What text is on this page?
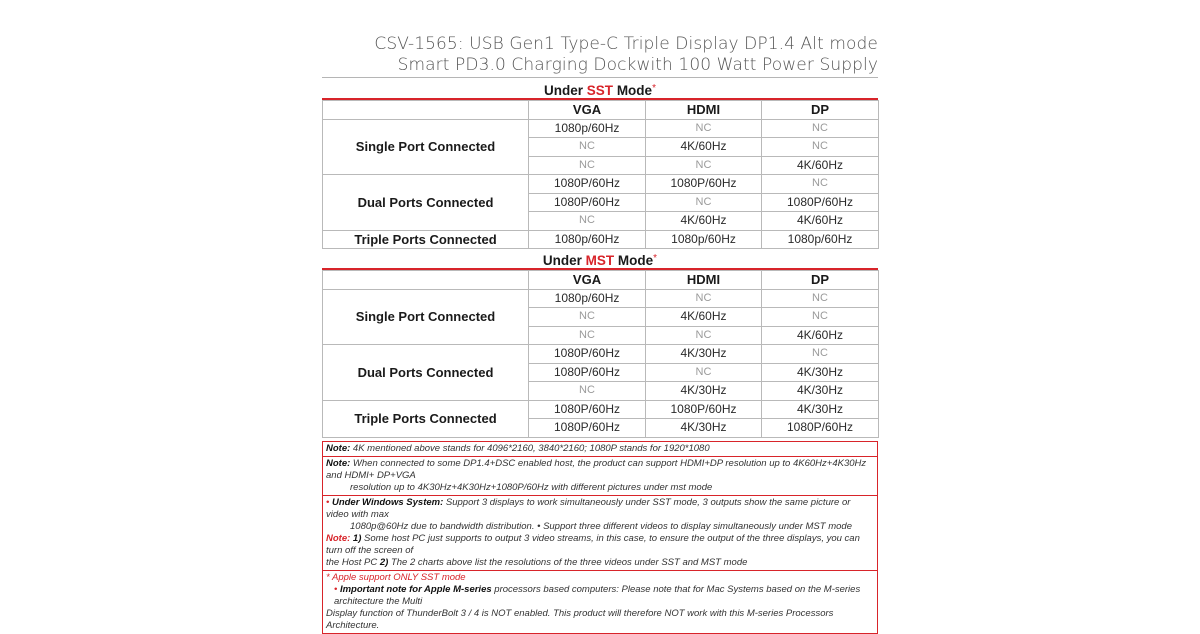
CSV-1565: USB Gen1 Type-C Triple Display DP1.4 Alt mode
Smart PD3.0 Charging Dockwith 100 Watt Power Supply
Under SST Mode*
	VGA	HDMI	DP
Single Port Connected	1080p/60Hz	NC	NC
	NC	4K/60Hz	NC
	NC	NC	4K/60Hz
Dual Ports Connected	1080P/60Hz	1080P/60Hz	NC
	1080P/60Hz	NC	1080P/60Hz
	NC	4K/60Hz	4K/60Hz
Triple Ports Connected	1080p/60Hz	1080p/60Hz	1080p/60Hz
Under MST Mode*
	VGA	HDMI	DP
Single Port Connected	1080p/60Hz	NC	NC
	NC	4K/60Hz	NC
	NC	NC	4K/60Hz
Dual Ports Connected	1080P/60Hz	4K/30Hz	NC
	1080P/60Hz	NC	4K/30Hz
	NC	4K/30Hz	4K/30Hz
Triple Ports Connected	1080P/60Hz	1080P/60Hz	4K/30Hz
	1080P/60Hz	4K/30Hz	1080P/60Hz
Note: 4K mentioned above stands for 4096*2160, 3840*2160; 1080P stands for 1920*1080
Note: When connected to some DP1.4+DSC enabled host, the product can support HDMI+DP resolution up to 4K60Hz+4K30Hz and HDMI+ DP+VGA
resolution up to 4K30Hz+4K30Hz+1080P/60Hz with different pictures under mst mode
• Under Windows System: Support 3 displays to work simultaneously under SST mode, 3 outputs show the same picture or video with max
1080p@60Hz due to bandwidth distribution. • Support three different videos to display simultaneously under MST mode
Note: 1) Some host PC just supports to output 3 video streams, in this case, to ensure the output of the three displays, you can turn off the screen of
the Host PC 2) The 2 charts above list the resolutions of the three videos under SST and MST mode
* Apple support ONLY SST mode
• Important note for Apple M-series processors based computers: Please note that for Mac Systems based on the M-series architecture the Multi
Display function of ThunderBolt 3 / 4 is NOT enabled. This product will therefore NOT work with this M-series Processors Architecture.
